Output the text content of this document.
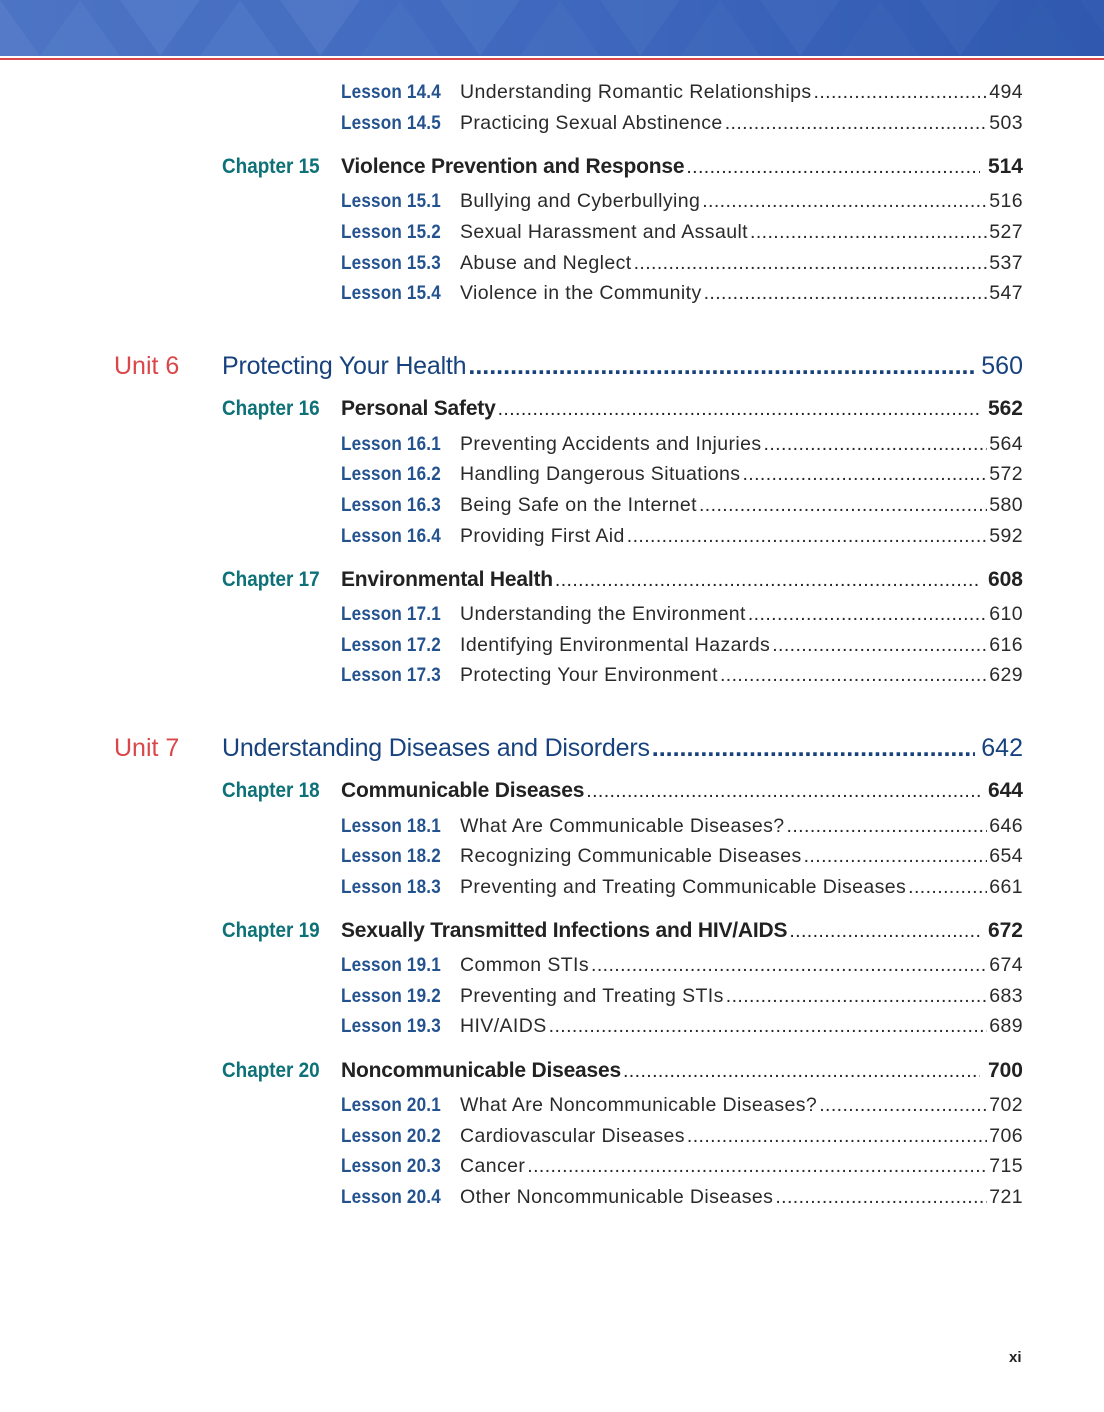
Lesson 14.4 Understanding Romantic Relationships .....	494
Lesson 14.5 Practicing Sexual Abstinence .....	503
Chapter 15	Violence Prevention and Response .....	514
Lesson 15.1 Bullying and Cyberbullying .....	516
Lesson 15.2 Sexual Harassment and Assault .....	527
Lesson 15.3 Abuse and Neglect .....	537
Lesson 15.4 Violence in the Community .....	547
Unit 6	Protecting Your Health .....	560
Chapter 16	Personal Safety .....	562
Lesson 16.1 Preventing Accidents and Injuries .....	564
Lesson 16.2 Handling Dangerous Situations .....	572
Lesson 16.3 Being Safe on the Internet .....	580
Lesson 16.4 Providing First Aid .....	592
Chapter 17	Environmental Health .....	608
Lesson 17.1 Understanding the Environment .....	610
Lesson 17.2 Identifying Environmental Hazards .....	616
Lesson 17.3 Protecting Your Environment .....	629
Unit 7	Understanding Diseases and Disorders .....	642
Chapter 18	Communicable Diseases .....	644
Lesson 18.1 What Are Communicable Diseases? .....	646
Lesson 18.2 Recognizing Communicable Diseases .....	654
Lesson 18.3 Preventing and Treating Communicable Diseases .....	661
Chapter 19	Sexually Transmitted Infections and HIV/AIDS .....	672
Lesson 19.1 Common STIs .....	674
Lesson 19.2 Preventing and Treating STIs .....	683
Lesson 19.3 HIV/AIDS .....	689
Chapter 20	Noncommunicable Diseases .....	700
Lesson 20.1 What Are Noncommunicable Diseases? .....	702
Lesson 20.2 Cardiovascular Diseases .....	706
Lesson 20.3 Cancer .....	715
Lesson 20.4 Other Noncommunicable Diseases .....	721
xi
